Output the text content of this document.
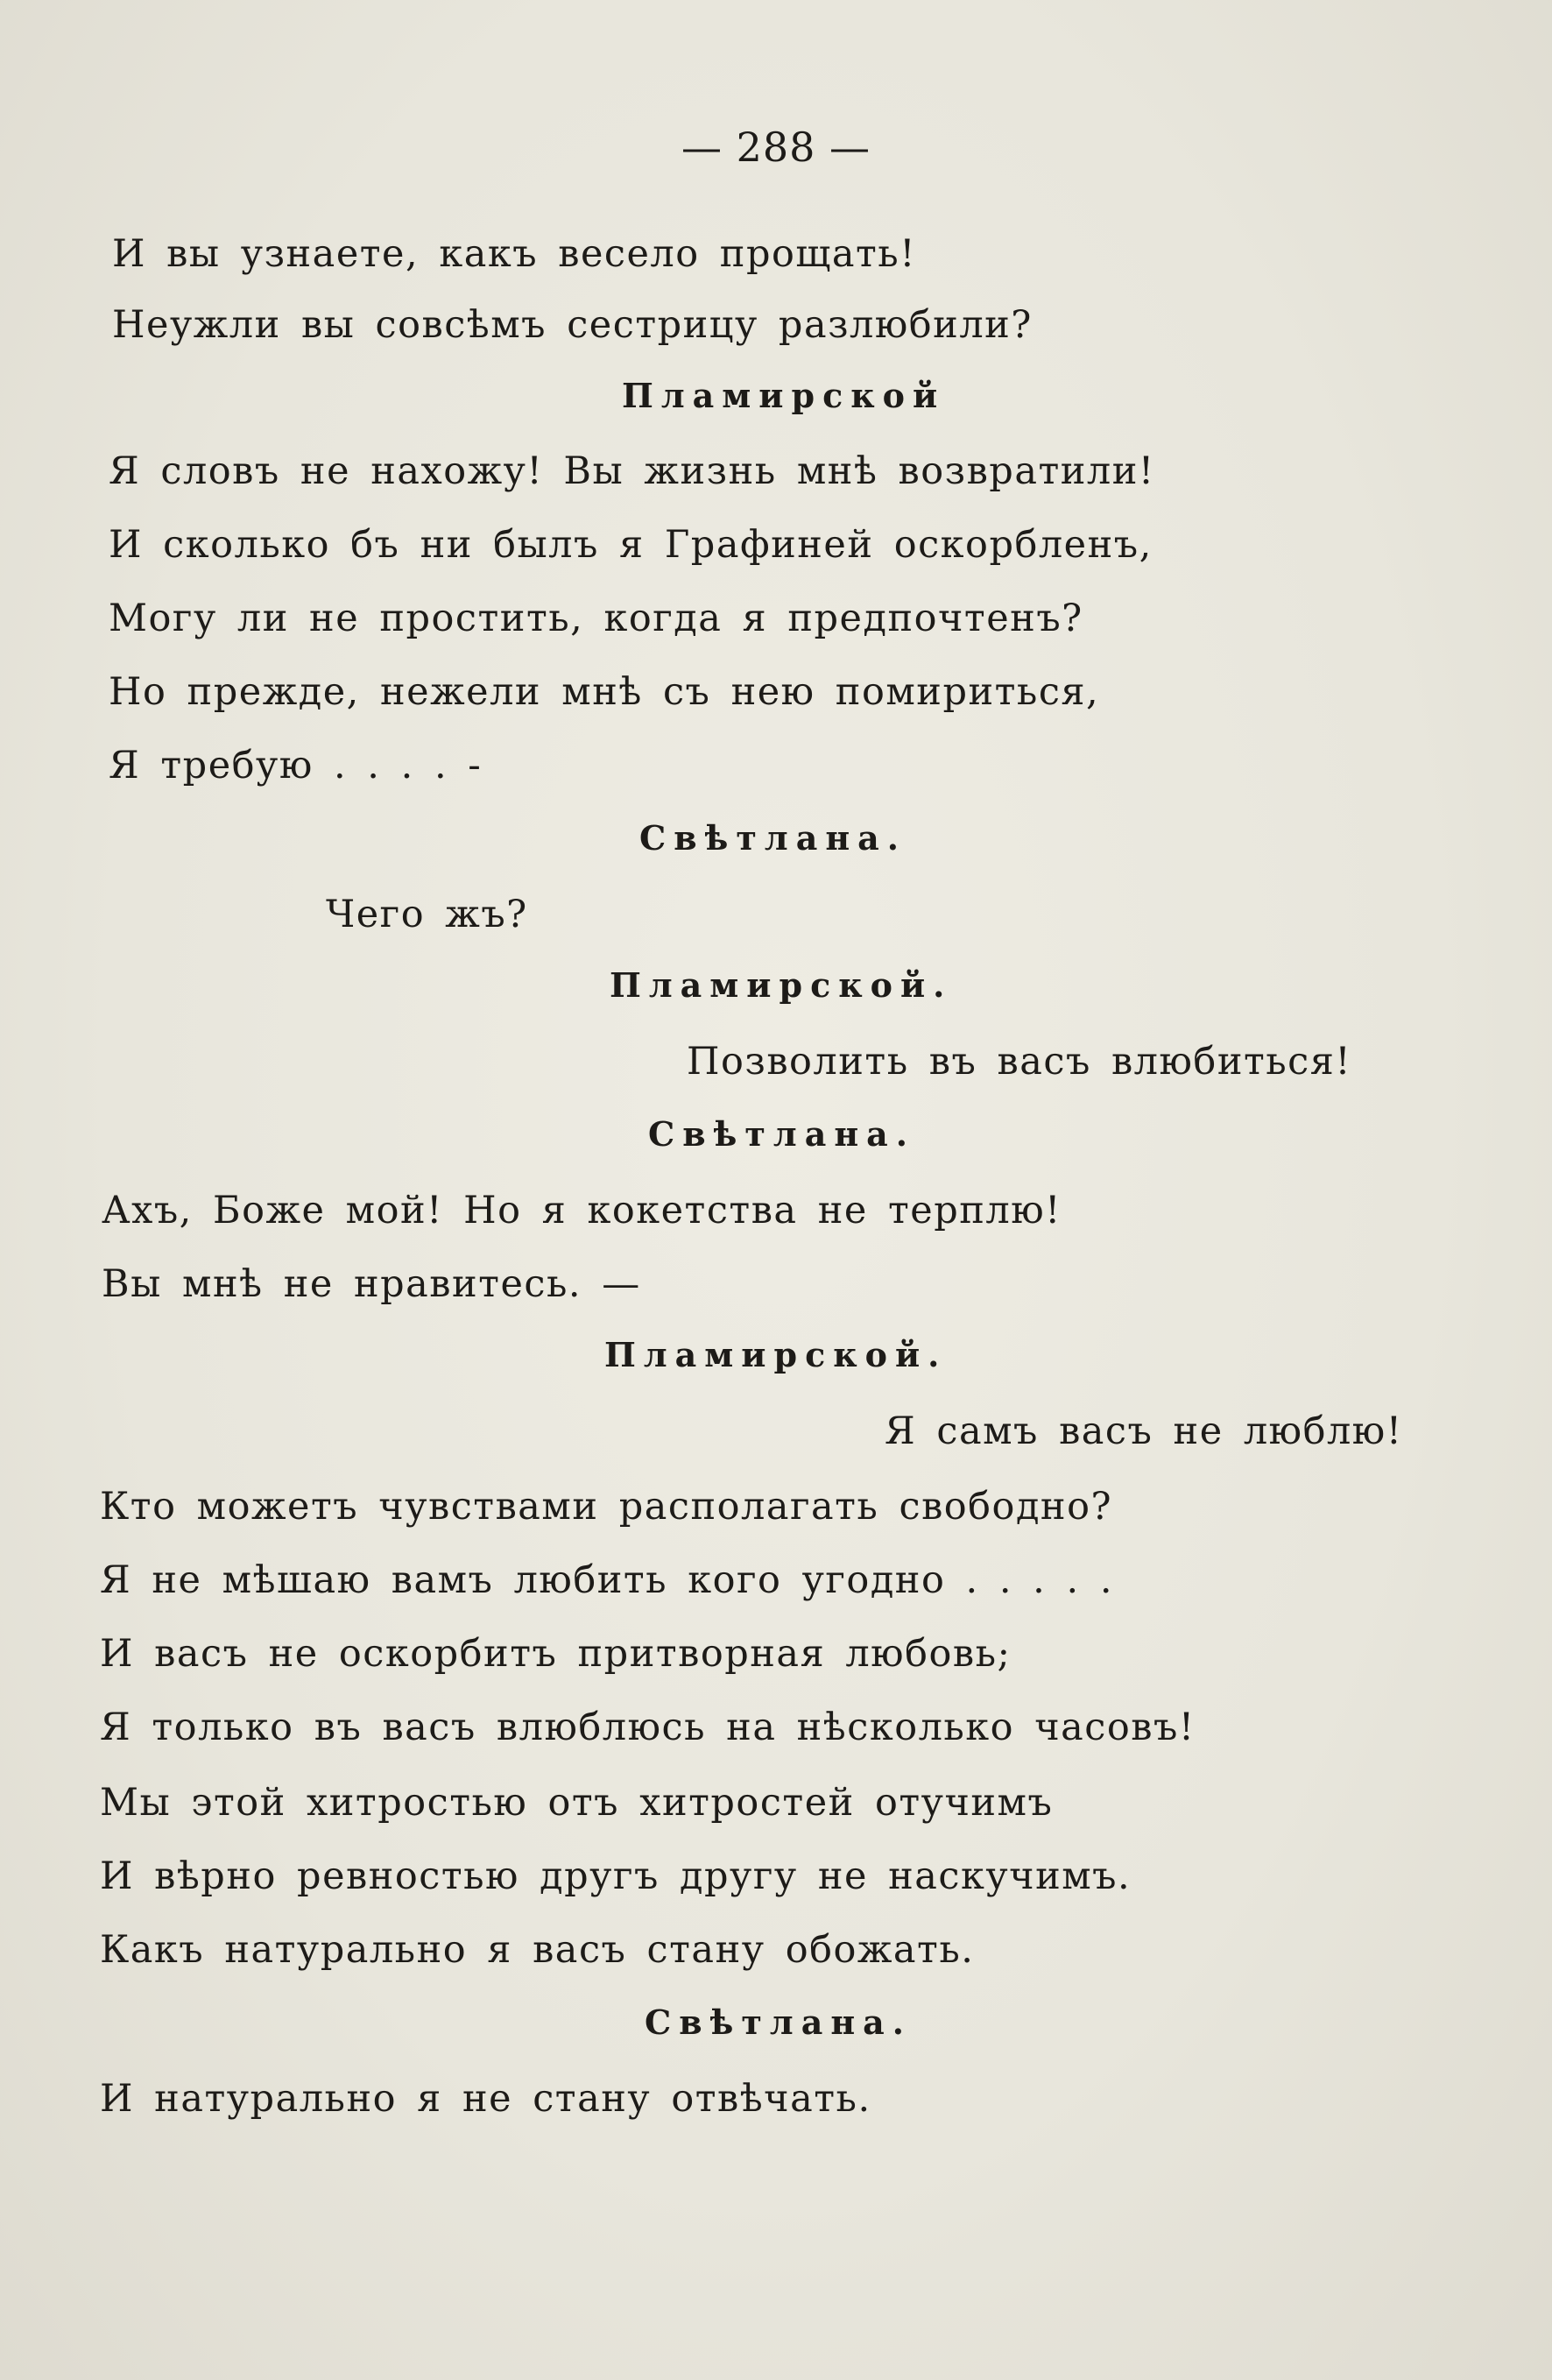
— 288 —
И вы узнаете, какъ весело прощать!
Неужли вы совсѣмъ сестрицу разлюбили?
Пламирской
Я словъ не нахожу! Вы жизнь мнѣ возвратили!
И сколько бъ ни былъ я Графиней оскорбленъ,
Могу ли не простить, когда я предпочтенъ?
Но прежде, нежели мнѣ съ нею помириться,
Я требую . . . . -
Свѣтлана.
Чего жъ?
Пламирской.
Позволить въ васъ влюбиться!
Свѣтлана.
Ахъ, Боже мой! Но я кокетства не терплю!
Вы мнѣ не нравитесь. —
Пламирской.
Я самъ васъ не люблю!
Кто можетъ чувствами располагать свободно?
Я не мѣшаю вамъ любить кого угодно . . . . .
И васъ не оскорбитъ притворная любовь;
Я только въ васъ влюблюсь на нѣсколько часовъ!
Мы этой хитростью отъ хитростей отучимъ
И вѣрно ревностью другъ другу не наскучимъ.
Какъ натурально я васъ стану обожать.
Свѣтлана.
И натурально я не стану отвѣчать.
